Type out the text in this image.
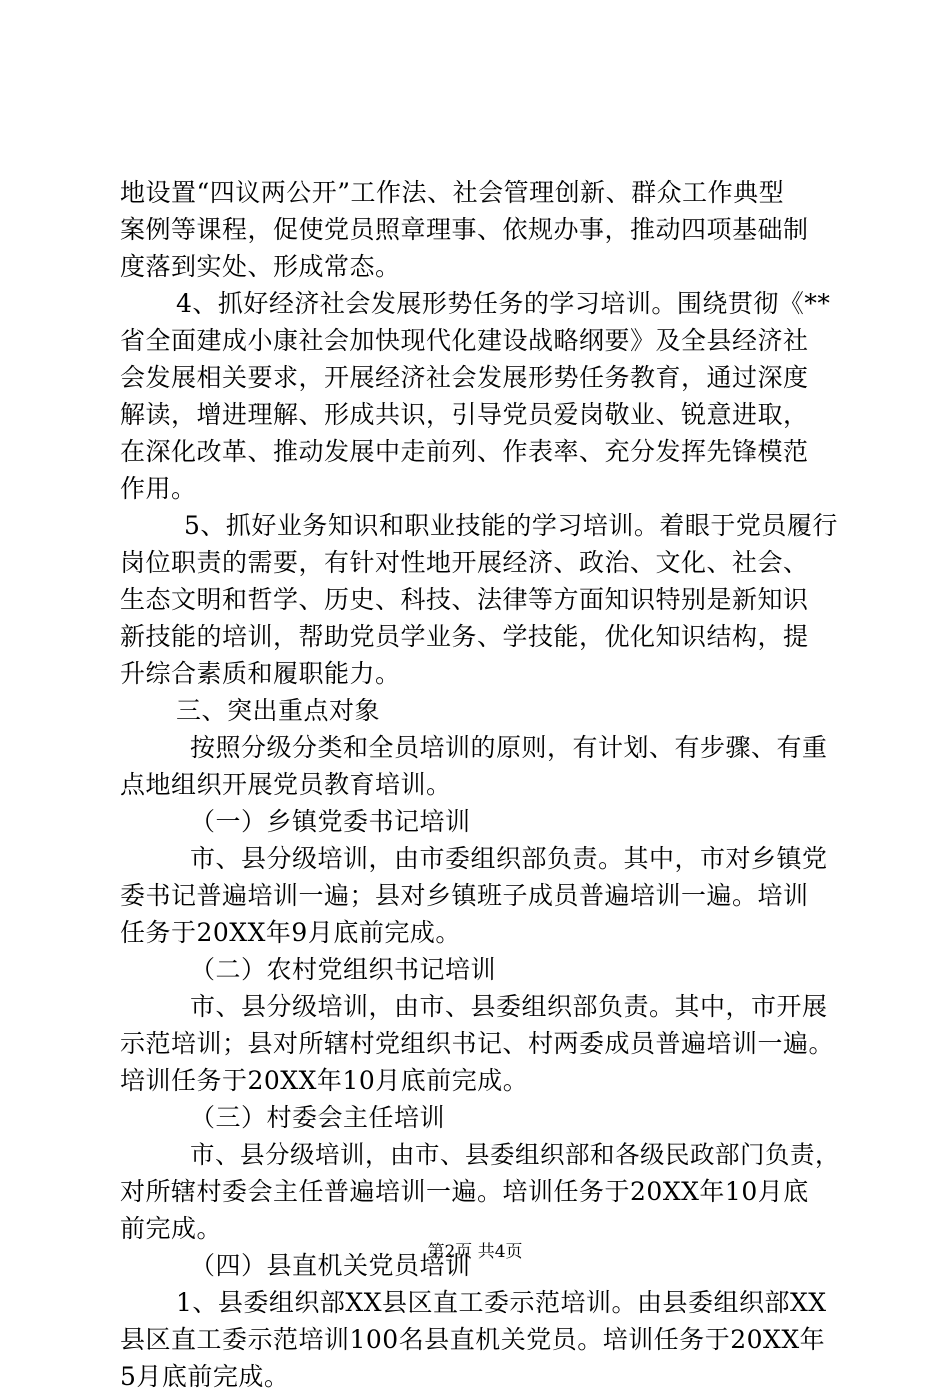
地设置“四议两公开”工作法、社会管理创新、群众工作典型
案例等课程，促使党员照章理事、依规办事，推动四项基础制
度落到实处、形成常态。
4、抓好经济社会发展形势任务的学习培训。围绕贯彻《**
省全面建成小康社会加快现代化建设战略纲要》及全县经济社
会发展相关要求，开展经济社会发展形势任务教育，通过深度
解读，增进理解、形成共识，引导党员爱岗敬业、锐意进取，
在深化改革、推动发展中走前列、作表率、充分发挥先锋模范
作用。
5、抓好业务知识和职业技能的学习培训。着眼于党员履行
岗位职责的需要，有针对性地开展经济、政治、文化、社会、
生态文明和哲学、历史、科技、法律等方面知识特别是新知识
新技能的培训，帮助党员学业务、学技能，优化知识结构，提
升综合素质和履职能力。
三、突出重点对象
按照分级分类和全员培训的原则，有计划、有步骤、有重
点地组织开展党员教育培训。
（一）乡镇党委书记培训
市、县分级培训，由市委组织部负责。其中，市对乡镇党
委书记普遍培训一遍；县对乡镇班子成员普遍培训一遍。培训
任务于20XX年9月底前完成。
（二）农村党组织书记培训
市、县分级培训，由市、县委组织部负责。其中，市开展
示范培训；县对所辖村党组织书记、村两委成员普遍培训一遍。
培训任务于20XX年10月底前完成。
（三）村委会主任培训
市、县分级培训，由市、县委组织部和各级民政部门负责，
对所辖村委会主任普遍培训一遍。培训任务于20XX年10月底
前完成。
（四）县直机关党员培训
1、县委组织部XX县区直工委示范培训。由县委组织部XX
县区直工委示范培训100名县直机关党员。培训任务于20XX年
5月底前完成。
第2页 共4页
